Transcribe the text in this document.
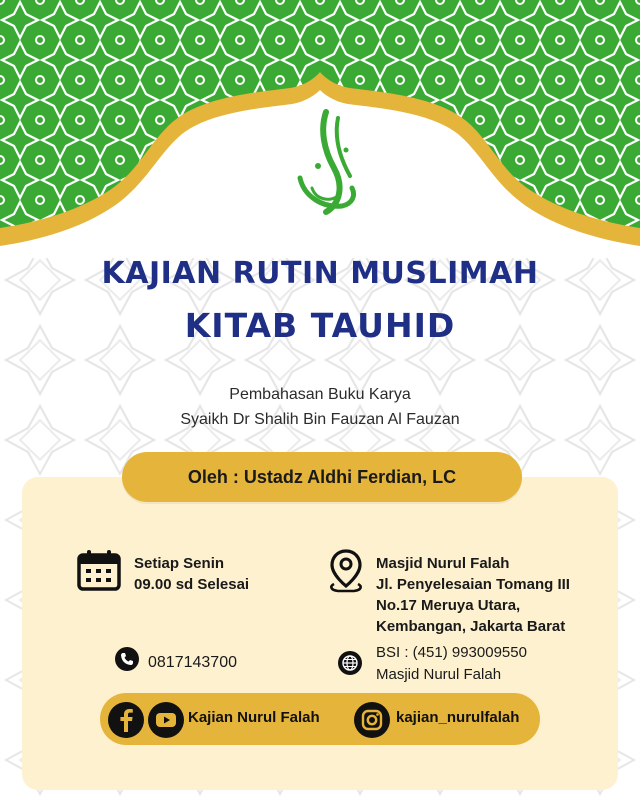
KAJIAN RUTIN MUSLIMAH
KITAB TAUHID
Pembahasan Buku Karya
Syaikh Dr Shalih Bin Fauzan Al Fauzan
Oleh : Ustadz Aldhi Ferdian, LC
Setiap Senin
09.00 sd Selesai
Masjid Nurul Falah
Jl. Penyelesaian Tomang III
No.17 Meruya Utara,
Kembangan, Jakarta Barat
0817143700
BSI : (451) 993009550
Masjid Nurul Falah
Kajian Nurul Falah	kajian_nurulfalah
